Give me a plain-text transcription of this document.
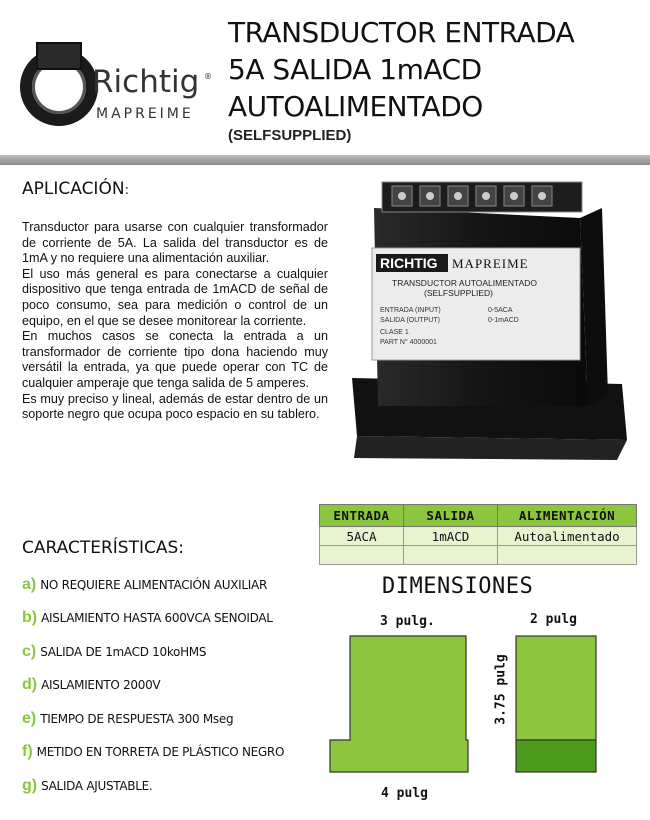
Richtig ®
MAPREIME
TRANSDUCTOR ENTRADA
5A SALIDA 1mACD
AUTOALIMENTADO
(SELFSUPPLIED)
APLICACIÓN:

Transductor para usarse con cualquier transformador de corriente de 5A. La salida del transductor es de 1mA y no requiere una alimentación auxiliar.

El uso más general es para conectarse a cualquier dispositivo que tenga entrada de 1mACD de señal de poco consumo, sea para medición o control de un equipo, en el que se desee monitorear la corriente.

En muchos casos se conecta la entrada a un transformador de corriente tipo dona haciendo muy versátil la entrada, ya que puede operar con TC de cualquier amperaje que tenga salida de 5 amperes.

Es muy preciso y lineal, además de estar dentro de un soporte negro que ocupa poco espacio en su tablero.

RICHTIG MAPREIME
TRANSDUCTOR AUTOALIMENTADO
(SELFSUPPLIED)
ENTRADA (INPUT)	0-5ACA
SALIDA (OUTPUT)	0-1mACD
CLASE 1
PART N° 4000001
ENTRADA	SALIDA	ALIMENTACIÓN
5ACA	1mACD	Autoalimentado

CARACTERÍSTICAS:
a) NO REQUIERE ALIMENTACIÓN AUXILIAR
b) AISLAMIENTO HASTA 600VCA SENOIDAL
c) SALIDA DE 1mACD 10koHMS
d) AISLAMIENTO 2000V
e) TIEMPO DE RESPUESTA 300 Mseg
f) METIDO EN TORRETA DE PLÁSTICO NEGRO
g) SALIDA AJUSTABLE.
DIMENSIONES
3 pulg.	2 pulg
4 pulg
3.75 pulg
